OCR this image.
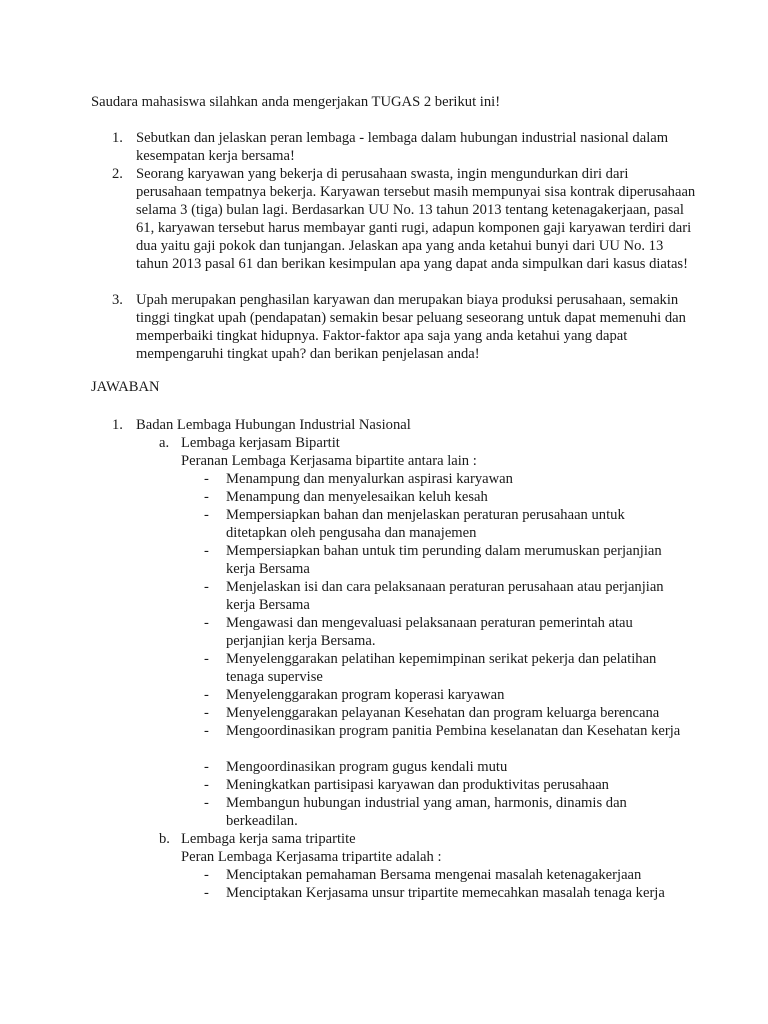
Saudara mahasiswa silahkan anda mengerjakan TUGAS 2 berikut ini!
1. Sebutkan dan jelaskan peran lembaga - lembaga dalam hubungan industrial nasional dalam kesempatan kerja bersama!
2. Seorang karyawan yang bekerja di perusahaan swasta, ingin mengundurkan diri dari perusahaan tempatnya bekerja. Karyawan tersebut masih mempunyai sisa kontrak diperusahaan selama 3 (tiga) bulan lagi. Berdasarkan UU No. 13 tahun 2013 tentang ketenagakerjaan, pasal 61, karyawan tersebut harus membayar ganti rugi, adapun komponen gaji karyawan terdiri dari dua yaitu gaji pokok dan tunjangan. Jelaskan apa yang anda ketahui bunyi dari UU No. 13 tahun 2013 pasal 61 dan berikan kesimpulan apa yang dapat anda simpulkan dari kasus diatas!
3. Upah merupakan penghasilan karyawan dan merupakan biaya produksi perusahaan, semakin tinggi tingkat upah (pendapatan) semakin besar peluang seseorang untuk dapat memenuhi dan memperbaiki tingkat hidupnya. Faktor-faktor apa saja yang anda ketahui yang dapat mempengaruhi tingkat upah? dan berikan penjelasan anda!
JAWABAN
1. Badan Lembaga Hubungan Industrial Nasional
a. Lembaga kerjasam Bipartit
Peranan Lembaga Kerjasama bipartite antara lain :
-	Menampung dan menyalurkan aspirasi karyawan
-	Menampung dan menyelesaikan keluh kesah
-	Mempersiapkan bahan dan menjelaskan peraturan perusahaan untuk ditetapkan oleh pengusaha dan manajemen
-	Mempersiapkan bahan untuk tim perunding dalam merumuskan perjanjian kerja Bersama
-	Menjelaskan isi dan cara pelaksanaan peraturan perusahaan atau perjanjian kerja Bersama
-	Mengawasi dan mengevaluasi pelaksanaan peraturan pemerintah atau perjanjian kerja Bersama.
-	Menyelenggarakan pelatihan kepemimpinan serikat pekerja dan pelatihan tenaga supervise
-	Menyelenggarakan program koperasi karyawan
-	Menyelenggarakan pelayanan Kesehatan dan program keluarga berencana
-	Mengoordinasikan program panitia Pembina keselanatan dan Kesehatan kerja
-	Mengoordinasikan program gugus kendali mutu
-	Meningkatkan partisipasi karyawan dan produktivitas perusahaan
-	Membangun hubungan industrial yang aman, harmonis, dinamis dan berkeadilan.
b. Lembaga kerja sama tripartite
Peran Lembaga Kerjasama tripartite adalah :
-	Menciptakan pemahaman Bersama mengenai masalah ketenagakerjaan
-	Menciptakan Kerjasama unsur tripartite memecahkan masalah tenaga kerja
